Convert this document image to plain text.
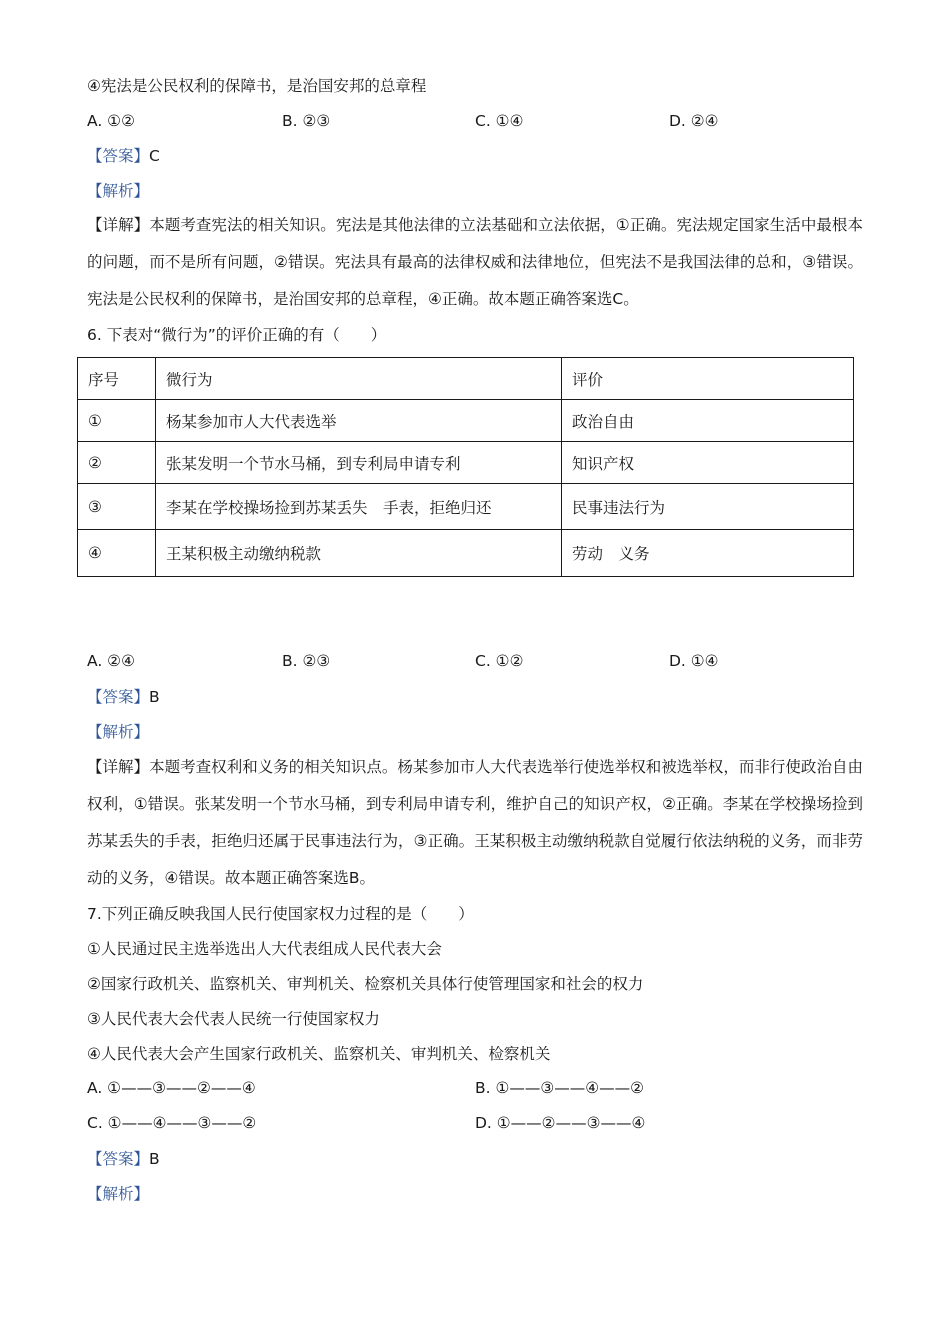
④宪法是公民权利的保障书，是治国安邦的总章程
A. ①②	B. ②③	C. ①④	D. ②④
【答案】C
【解析】
【详解】本题考查宪法的相关知识。宪法是其他法律的立法基础和立法依据，①正确。宪法规定国家生活中最根本的问题，而不是所有问题，②错误。宪法具有最高的法律权威和法律地位，但宪法不是我国法律的总和，③错误。宪法是公民权利的保障书，是治国安邦的总章程，④正确。故本题正确答案选C。
6. 下表对“微行为”的评价正确的有（　　）
序号	微行为	评价
①	杨某参加市人大代表选举	政治自由
②	张某发明一个节水马桶，到专利局申请专利	知识产权
③	李某在学校操场捡到苏某丢失　手表，拒绝归还	民事违法行为
④	王某积极主动缴纳税款	劳动　义务
A. ②④	B. ②③	C. ①②	D. ①④
【答案】B
【解析】
【详解】本题考查权利和义务的相关知识点。杨某参加市人大代表选举行使选举权和被选举权，而非行使政治自由权利，①错误。张某发明一个节水马桶，到专利局申请专利，维护自己的知识产权，②正确。李某在学校操场捡到苏某丢失的手表，拒绝归还属于民事违法行为，③正确。王某积极主动缴纳税款自觉履行依法纳税的义务，而非劳动的义务，④错误。故本题正确答案选B。
7.下列正确反映我国人民行使国家权力过程的是（　　）
①人民通过民主选举选出人大代表组成人民代表大会
②国家行政机关、监察机关、审判机关、检察机关具体行使管理国家和社会的权力
③人民代表大会代表人民统一行使国家权力
④人民代表大会产生国家行政机关、监察机关、审判机关、检察机关
A. ①——③——②——④	B. ①——③——④——②
C. ①——④——③——②	D. ①——②——③——④
【答案】B
【解析】
